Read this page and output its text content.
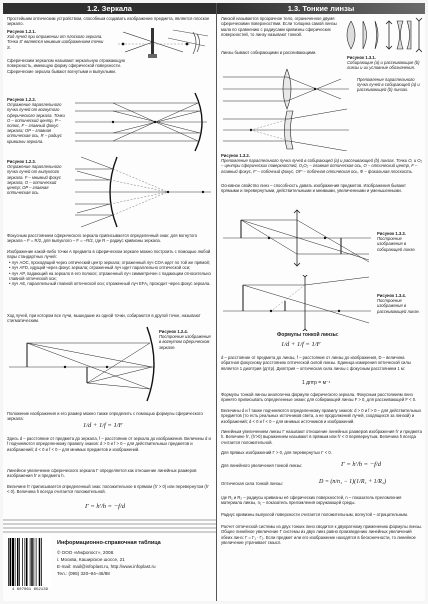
1.2. Зеркала
Простейшим оптическим устройством, способным создавать изображение предмета, является плоское зеркало.
Рисунок 1.2.1.
Ход лучей при отражении от плоского зеркала. Точка S' является мнимым изображением точки S.
Сферическим зеркалом называют зеркальную отражающую поверхность, имеющую форму сферической поверхности. Сферические зеркала бывают вогнутыми и выпуклыми.
Рисунок 1.2.2.
Отражение параллельного пучка лучей от вогнутого сферического зеркала. Точки O – оптический центр, P – полюс, F – главный фокус зеркала; OP – главная оптическая ось, R – радиус кривизны зеркала.
Рисунок 1.2.3.
Отражение параллельного пучка лучей от выпуклого зеркала. F – мнимый фокус зеркала, O – оптический центр; OP – главная оптическая ось.
Фокусным расстоянием сферического зеркала приписывается определенный знак: для вогнутого зеркала – F = R/2, для выпуклого – F = −R/2, где R – радиус кривизны зеркала.
Изображение какой-либо точки A предмета в сферическом зеркале можно построить с помощью любой пары стандартных лучей:
• луч AOC, проходящий через оптический центр зеркала; отраженный луч COA идет по той же прямой;
• луч AFD, идущий через фокус зеркала; отраженный луч идет параллельно оптической оси;
• луч AP, падающий на зеркало в его полюсе; отраженный луч симметричен с падающим относительно главной оптической оси;
• луч AE, параллельный главной оптической оси; отраженный луч EFA₁ проходит через фокус зеркала.
Ход лучей, при котором все лучи, вышедшие из одной точки, собираются в другой точке, называют стигматическим.
Рисунок 1.2.4.
Построение изображения в вогнутом сферическом зеркале.
Положение изображения и его размер можно также определить с помощью формулы сферического зеркала:
1/d + 1/f = 1/F
Здесь d – расстояние от предмета до зеркала, f – расстояние от зеркала до изображения. Величины d и f подчиняются определенному правилу знаков: d > 0 и f > 0 – для действительных предметов и изображений; d < 0 и f < 0 – для мнимых предметов и изображений.
Линейное увеличение сферического зеркала Γ определяется как отношение линейных размеров изображения h′ и предмета h.
Величине h′ приписывается определенный знак: положительное в прямом (h′ > 0) или перевернутом (h′ < 0). Величина h всегда считается положительной.
Γ = h′/h = −f/d
4 607061 652139
Информационно-справочная таблица
© ООО «Инфопост», 2008.
г. Москва, Каширское шоссе, 21
E-mail: mail@infoplast.ru, http://www.infoplast.ru
Тел.: (095) 320–94–46/88
1.3. Тонкие линзы
Линзой называется прозрачное тело, ограниченное двумя сферическими поверхностями. Если толщина самой линзы мала по сравнению с радиусами кривизны сферических поверхностей, то линзу называют тонкой.
Линзы бывают собирающими и рассеивающими.
Рисунок 1.3.1.
Собирающие (a) и рассеивающие (b) линзы и их условные обозначения.
Преломление параллельного пучка лучей в собирающей (a) и рассеивающей (b) линзах.
Рисунок 1.3.2.
Преломление параллельного пучка лучей в собирающей (a) и рассеивающей (b) линзах. Точки O, и O₂ – центры сферических поверхностей, O₁O₂ – главная оптическая ось, O – оптический центр, F – главный фокус, F′ – побочный фокус, OF′ – побочная оптическая ось, Ф – фокальная плоскость.
Основное свойство линз – способность давать изображения предметов. Изображения бывают прямыми и перевернутыми, действительными и мнимыми, увеличенными и уменьшенными.
Рисунок 1.3.3.
Построение изображения в собирающей линзе.
Рисунок 1.3.4.
Построение изображения в рассеивающей линзе.
Формулы тонкой линзы:
1/d + 1/f = 1/F
d – расстояние от предмета до линзы, f – расстояние от линзы до изображения, D – величина обратная фокусному расстоянию оптической силой линзы. Единица измерения оптической силы является 1 диоптрия (дптр). Диоптрия – оптическая сила линзы с фокусным расстоянием 1 м:
1 дптр = м⁻¹
Формулы тонкой линзы аналогична формуле сферического зеркала. Фокусным расстояниям линз принято приписывать определенные знаки: для собирающей линзы F > 0, для рассеивающей F < 0.
Величины d и f также подчиняются определенному правилу знаков: d > 0 и f > 0 – для действительных предметов (то есть реальных источников света, а не продолжений лучей, сходящихся за линзой) и изображений; d < 0 и f < 0 – для мнимых источников и изображений.
Линейным увеличением линзы Γ называют отношение линейных размеров изображения h′ и предмета h. Величине h′, (h′>0) выражением называют в прямым или h′ < 0 перевернутым. Величина h всегда считается положительной.
Для прямых изображений Γ > 0, для перевернутых Γ < 0.
Для линейного увеличения тонкой линзы:	Γ = h′/h = −f/d
Оптическая сила тонкой линзы:	D = (n/n₁ − 1)(1/R₁ + 1/R₂)
где R₁ и R₂ – радиусы кривизны её сферических поверхностей, n – показатель преломления материала линзы, n₁ – показатель преломления окружающей среды.
Радиус кривизны выпуклой поверхности считается положительным, вогнутой – отрицательным.
Расчет оптической системы из двух тонких линз сводится к двукратному применению формулы линзы. Общее линейное увеличение Γ системы из двух линз равно произведению линейных увеличений обеих линз: Γ = Γ₁ · Γ₂. Если предмет или его изображение находятся в бесконечности, то линейное увеличение утрачивает смысл.
